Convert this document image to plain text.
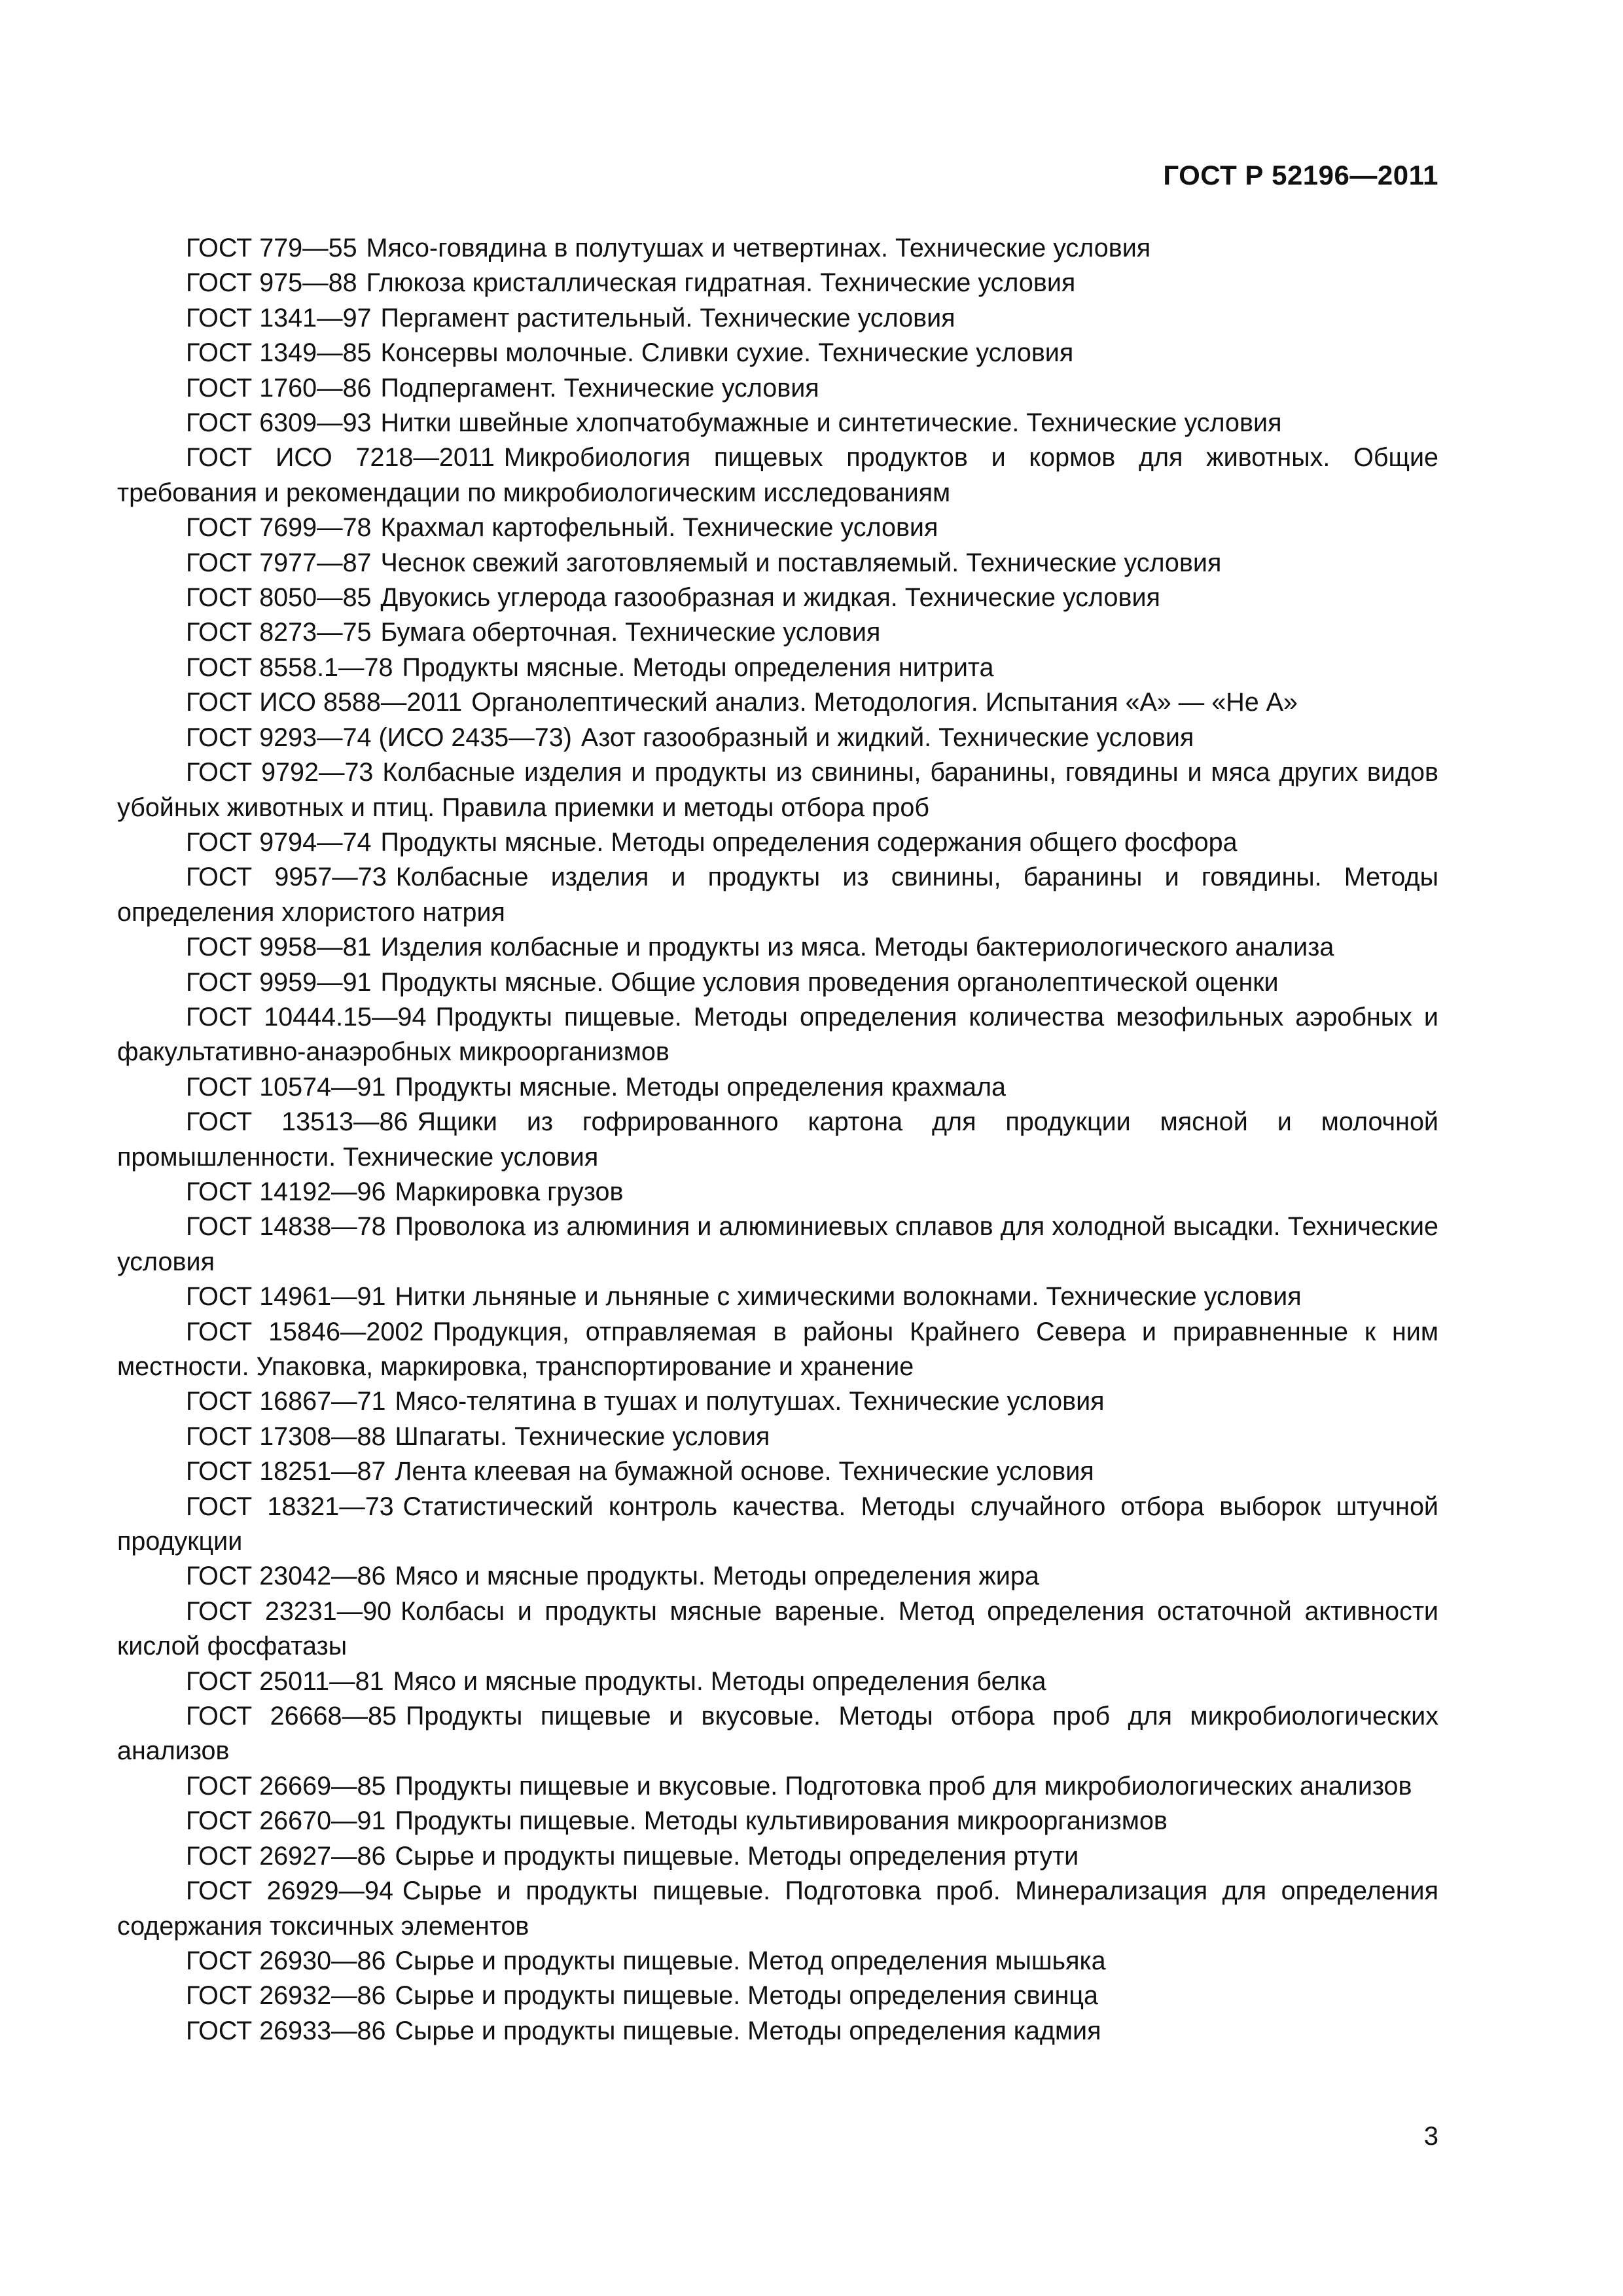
ГОСТ Р 52196—2011
ГОСТ 779—55 Мясо-говядина в полутушах и четвертинах. Технические условия
ГОСТ 975—88 Глюкоза кристаллическая гидратная. Технические условия
ГОСТ 1341—97 Пергамент растительный. Технические условия
ГОСТ 1349—85 Консервы молочные. Сливки сухие. Технические условия
ГОСТ 1760—86 Подпергамент. Технические условия
ГОСТ 6309—93 Нитки швейные хлопчатобумажные и синтетические. Технические условия
ГОСТ ИСО 7218—2011 Микробиология пищевых продуктов и кормов для животных. Общие требования и рекомендации по микробиологическим исследованиям
ГОСТ 7699—78 Крахмал картофельный. Технические условия
ГОСТ 7977—87 Чеснок свежий заготовляемый и поставляемый. Технические условия
ГОСТ 8050—85 Двуокись углерода газообразная и жидкая. Технические условия
ГОСТ 8273—75 Бумага оберточная. Технические условия
ГОСТ 8558.1—78 Продукты мясные. Методы определения нитрита
ГОСТ ИСО 8588—2011 Органолептический анализ. Методология. Испытания «А» — «Не А»
ГОСТ 9293—74 (ИСО 2435—73) Азот газообразный и жидкий. Технические условия
ГОСТ 9792—73 Колбасные изделия и продукты из свинины, баранины, говядины и мяса других видов убойных животных и птиц. Правила приемки и методы отбора проб
ГОСТ 9794—74 Продукты мясные. Методы определения содержания общего фосфора
ГОСТ 9957—73 Колбасные изделия и продукты из свинины, баранины и говядины. Методы определения хлористого натрия
ГОСТ 9958—81 Изделия колбасные и продукты из мяса. Методы бактериологического анализа
ГОСТ 9959—91 Продукты мясные. Общие условия проведения органолептической оценки
ГОСТ 10444.15—94 Продукты пищевые. Методы определения количества мезофильных аэробных и факультативно-анаэробных микроорганизмов
ГОСТ 10574—91 Продукты мясные. Методы определения крахмала
ГОСТ 13513—86 Ящики из гофрированного картона для продукции мясной и молочной промышленности. Технические условия
ГОСТ 14192—96 Маркировка грузов
ГОСТ 14838—78 Проволока из алюминия и алюминиевых сплавов для холодной высадки. Технические условия
ГОСТ 14961—91 Нитки льняные и льняные с химическими волокнами. Технические условия
ГОСТ 15846—2002 Продукция, отправляемая в районы Крайнего Севера и приравненные к ним местности. Упаковка, маркировка, транспортирование и хранение
ГОСТ 16867—71 Мясо-телятина в тушах и полутушах. Технические условия
ГОСТ 17308—88 Шпагаты. Технические условия
ГОСТ 18251—87 Лента клеевая на бумажной основе. Технические условия
ГОСТ 18321—73 Статистический контроль качества. Методы случайного отбора выборок штучной продукции
ГОСТ 23042—86 Мясо и мясные продукты. Методы определения жира
ГОСТ 23231—90 Колбасы и продукты мясные вареные. Метод определения остаточной активности кислой фосфатазы
ГОСТ 25011—81 Мясо и мясные продукты. Методы определения белка
ГОСТ 26668—85 Продукты пищевые и вкусовые. Методы отбора проб для микробиологических анализов
ГОСТ 26669—85 Продукты пищевые и вкусовые. Подготовка проб для микробиологических анализов
ГОСТ 26670—91 Продукты пищевые. Методы культивирования микроорганизмов
ГОСТ 26927—86 Сырье и продукты пищевые. Методы определения ртути
ГОСТ 26929—94 Сырье и продукты пищевые. Подготовка проб. Минерализация для определения содержания токсичных элементов
ГОСТ 26930—86 Сырье и продукты пищевые. Метод определения мышьяка
ГОСТ 26932—86 Сырье и продукты пищевые. Методы определения свинца
ГОСТ 26933—86 Сырье и продукты пищевые. Методы определения кадмия
3
